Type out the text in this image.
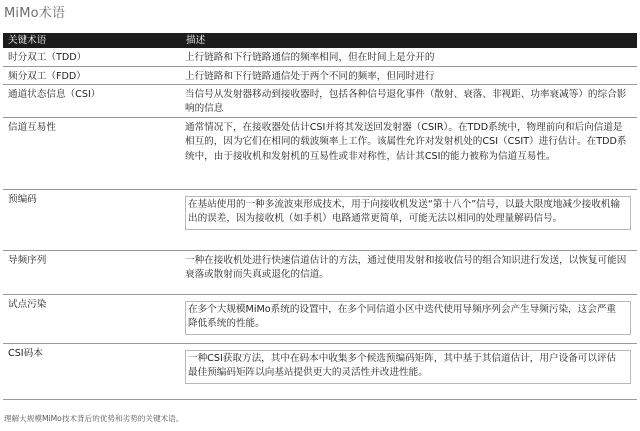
MiMo术语
关键术语	描述
时分双工（TDD）	上行链路和下行链路通信的频率相同，但在时间上是分开的
频分双工（FDD）	上行链路和下行链路通信处于两个不同的频率，但同时进行
通道状态信息（CSI）	当信号从发射器移动到接收器时，包括各种信号退化事件（散射、衰落、非视距、功率衰减等）的综合影响的信息
信道互易性	通常情况下，在接收器处估计CSI并将其发送回发射器（CSIR）。在TDD系统中，物理前向和后向信道是相互的，因为它们在相同的载波频率上工作。该属性允许对发射机处的CSI（CSIT）进行估计。在TDD系统中，由于接收机和发射机的互易性或非对称性，估计其CSI的能力被称为信道互易性。
预编码	在基站使用的一种多流波束形成技术，用于向接收机发送“第十八个”信号，以最大限度地减少接收机输出的误差，因为接收机（如手机）电路通常更简单，可能无法以相同的处理量解码信号。

导频序列	一种在接收机处进行快速信道估计的方法，通过使用发射和接收信号的组合知识进行发送，以恢复可能因衰落或散射而失真或退化的信道。
试点污染	在多个大规模MiMo系统的设置中，在多个同信道小区中迭代使用导频序列会产生导频污染，这会严重降低系统的性能。

CSI码本	一种CSI获取方法，其中在码本中收集多个候选预编码矩阵，其中基于其信道估计，用户设备可以评估最佳预编码矩阵以向基站提供更大的灵活性并改进性能。
理解大规模MiMo技术背后的优势和劣势的关键术语。
